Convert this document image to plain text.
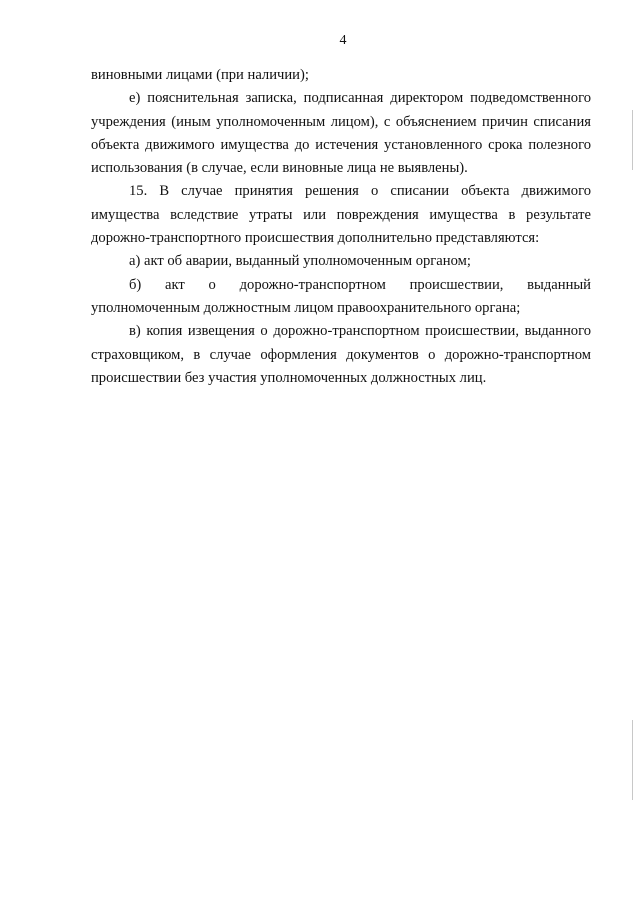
4

виновными лицами (при наличии);

е) пояснительная записка, подписанная директором подведомственного учреждения (иным уполномоченным лицом), с объяснением причин списания объекта движимого имущества до истечения установленного срока полезного использования (в случае, если виновные лица не выявлены).

15. В случае принятия решения о списании объекта движимого имущества вследствие утраты или повреждения имущества в результате дорожно-транспортного происшествия дополнительно представляются:

а) акт об аварии, выданный уполномоченным органом;

б) акт о дорожно-транспортном происшествии, выданный уполномоченным должностным лицом правоохранительного органа;

в) копия извещения о дорожно-транспортном происшествии, выданного страховщиком, в случае оформления документов о дорожно-транспортном происшествии без участия уполномоченных должностных лиц.
